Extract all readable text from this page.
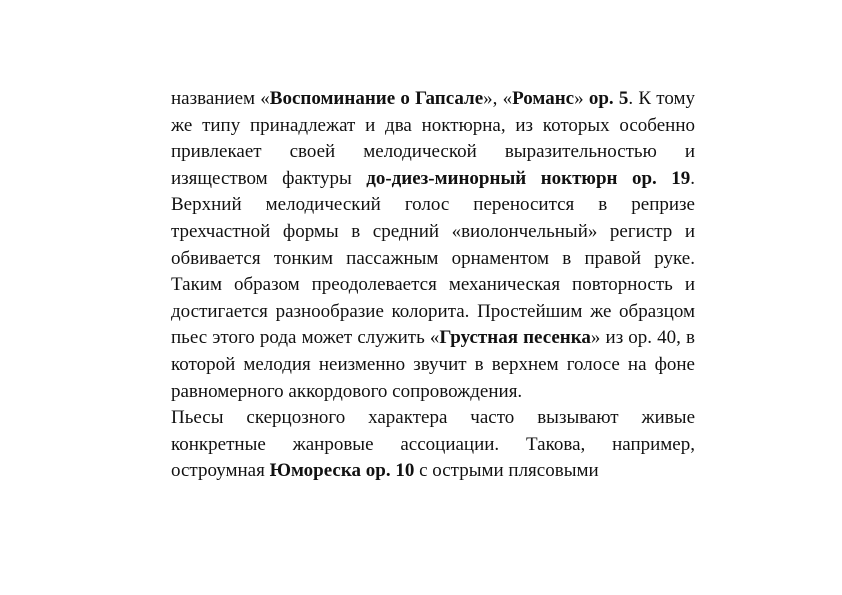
названием «Воспоминание о Гапсале», «Романс» ор. 5. К тому же типу принадлежат и два ноктюрна, из которых особенно привлекает своей мелодической выразительностью и изяществом фактуры до-диез-минорный ноктюрн ор. 19. Верхний мелодический голос переносится в репризе трехчастной формы в средний «виолончельный» регистр и обвивается тонким пассажным орнаментом в правой руке. Таким образом преодолевается механическая повторность и достигается разнообразие колорита. Простейшим же образцом пьес этого рода может служить «Грустная песенка» из ор. 40, в которой мелодия неизменно звучит в верхнем голосе на фоне равномерного аккордового сопровождения.

Пьесы скерцозного характера часто вызывают живые конкретные жанровые ассоциации. Такова, например, остроумная Юмореска ор. 10 с острыми плясовыми
